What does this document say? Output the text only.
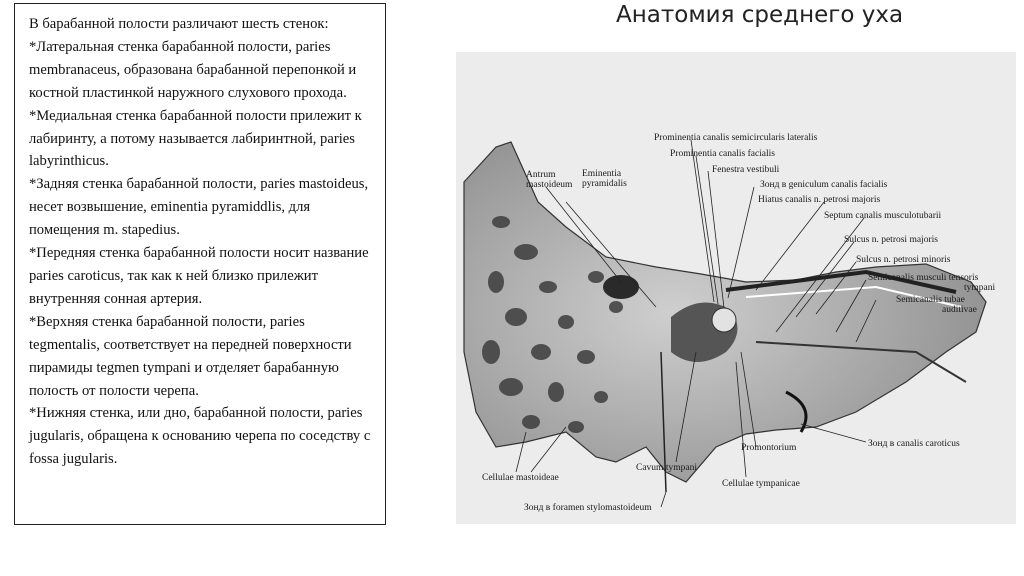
В барабанной полости различают шесть стенок:

*Латеральная стенка барабанной полости, paries membranaceus, образована барабанной перепонкой и костной пластинкой наружного слухового прохода.

*Медиальная стенка барабанной полости прилежит к лабиринту, а потому называется лабиринтной, paries labyrinthicus.

*Задняя стенка барабанной полости, paries mastoideus, несет возвышение, eminentia pyramiddlis, для помещения m. stapedius.

*Передняя стенка барабанной полости носит название paries caroticus, так как к ней близко прилежит внутренняя сонная артерия.

*Верхняя стенка барабанной полости, paries tegmentalis, соответствует на передней поверхности пирамиды tegmen tympani и отделяет барабанную полость от полости черепа.

*Нижняя стенка, или дно, барабанной полости, paries jugularis, обращена к основанию черепа по соседству с fossa jugularis.

Анатомия среднего уха
Prominentia canalis semicircularis lateralis
Prominentia canalis facialis
Fenestra vestibuli
Зонд в geniculum canalis facialis
Hiatus canalis n. petrosi majoris
Septum canalis musculotubarii
Sulcus n. petrosi majoris
Sulcus n. petrosi minoris
Semicanalis musculi tensoris
tympani
Semicanalis tubae
auditivae
Eminentia
pyramidalis
Antrum
mastoideum
Cellulae mastoideae
Cavum tympani
Promontorium
Cellulae tympanicae
Зонд в canalis caroticus
Зонд в foramen stylomastoideum
